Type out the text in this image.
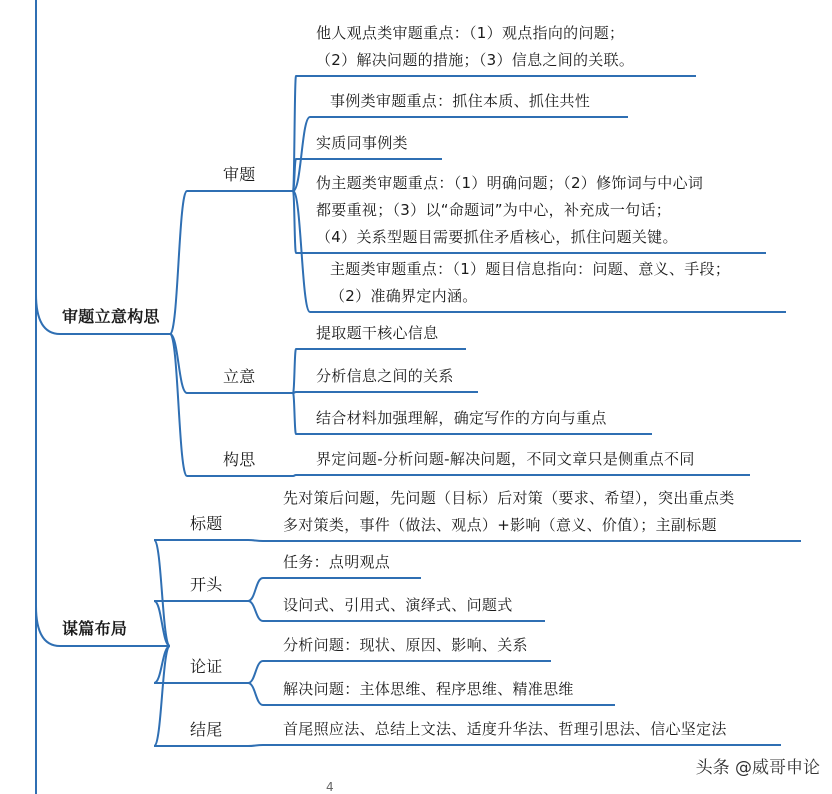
审题立意构思
审题
他人观点类审题重点：（1）观点指向的问题；
（2）解决问题的措施；（3）信息之间的关联。
事例类审题重点：抓住本质、抓住共性
实质同事例类
伪主题类审题重点：（1）明确问题；（2）修饰词与中心词
都要重视；（3）以“命题词”为中心，补充成一句话；
（4）关系型题目需要抓住矛盾核心，抓住问题关键。
主题类审题重点：（1）题目信息指向：问题、意义、手段；
（2）准确界定内涵。
立意
提取题干核心信息
分析信息之间的关系
结合材料加强理解，确定写作的方向与重点
构思	界定问题-分析问题-解决问题，不同文章只是侧重点不同
谋篇布局
标题
先对策后问题，先问题（目标）后对策（要求、希望），突出重点类
多对策类，事件（做法、观点）+影响（意义、价值）；主副标题
开头
任务：点明观点
设问式、引用式、演绎式、问题式
论证
分析问题：现状、原因、影响、关系
解决问题：主体思维、程序思维、精准思维
结尾	首尾照应法、总结上文法、适度升华法、哲理引思法、信心坚定法
头条 @威哥申论
4
